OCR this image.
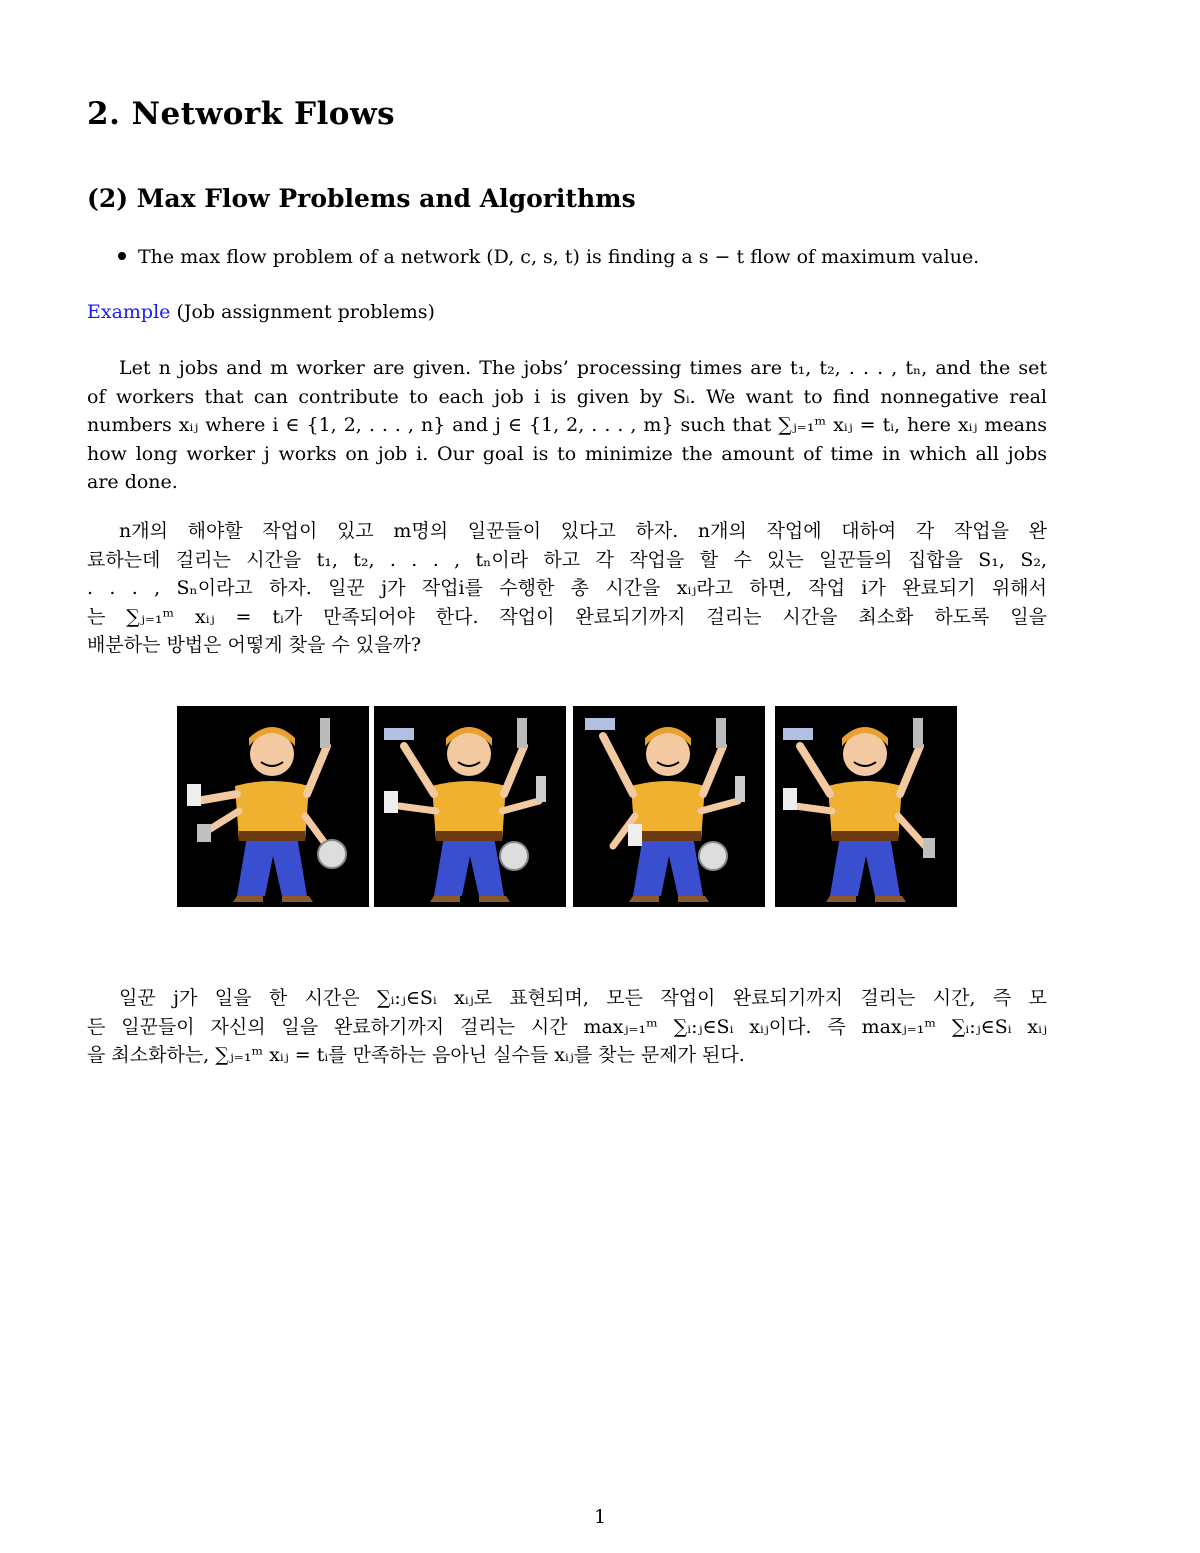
2. Network Flows
(2) Max Flow Problems and Algorithms
The max flow problem of a network (D, c, s, t) is finding a s − t flow of maximum value.
Example (Job assignment problems)
Let n jobs and m worker are given. The jobs’ processing times are t₁, t₂, . . . , tₙ, and the set
of workers that can contribute to each job i is given by Sᵢ. We want to find nonnegative real
numbers xᵢⱼ where i ∈ {1, 2, . . . , n} and j ∈ {1, 2, . . . , m} such that ∑ⱼ₌₁ᵐ xᵢⱼ = tᵢ, here xᵢⱼ means
how long worker j works on job i. Our goal is to minimize the amount of time in which all jobs
are done.
n개의 해야할 작업이 있고 m명의 일꾼들이 있다고 하자. n개의 작업에 대하여 각 작업을 완
료하는데 걸리는 시간을 t₁, t₂, . . . , tₙ이라 하고 각 작업을 할 수 있는 일꾼들의 집합을 S₁, S₂,
. . . , Sₙ이라고 하자. 일꾼 j가 작업i를 수행한 총 시간을 xᵢⱼ라고 하면, 작업 i가 완료되기 위해서
는 ∑ⱼ₌₁ᵐ xᵢⱼ = tᵢ가 만족되어야 한다. 작업이 완료되기까지 걸리는 시간을 최소화 하도록 일을
배분하는 방법은 어떻게 찾을 수 있을까?
일꾼 j가 일을 한 시간은 ∑ᵢ:ⱼ∈Sᵢ xᵢⱼ로 표현되며, 모든 작업이 완료되기까지 걸리는 시간, 즉 모
든 일꾼들이 자신의 일을 완료하기까지 걸리는 시간 maxⱼ₌₁ᵐ ∑ᵢ:ⱼ∈Sᵢ xᵢⱼ이다. 즉 maxⱼ₌₁ᵐ ∑ᵢ:ⱼ∈Sᵢ xᵢⱼ
을 최소화하는, ∑ⱼ₌₁ᵐ xᵢⱼ = tᵢ를 만족하는 음아닌 실수들 xᵢⱼ를 찾는 문제가 된다.
1
